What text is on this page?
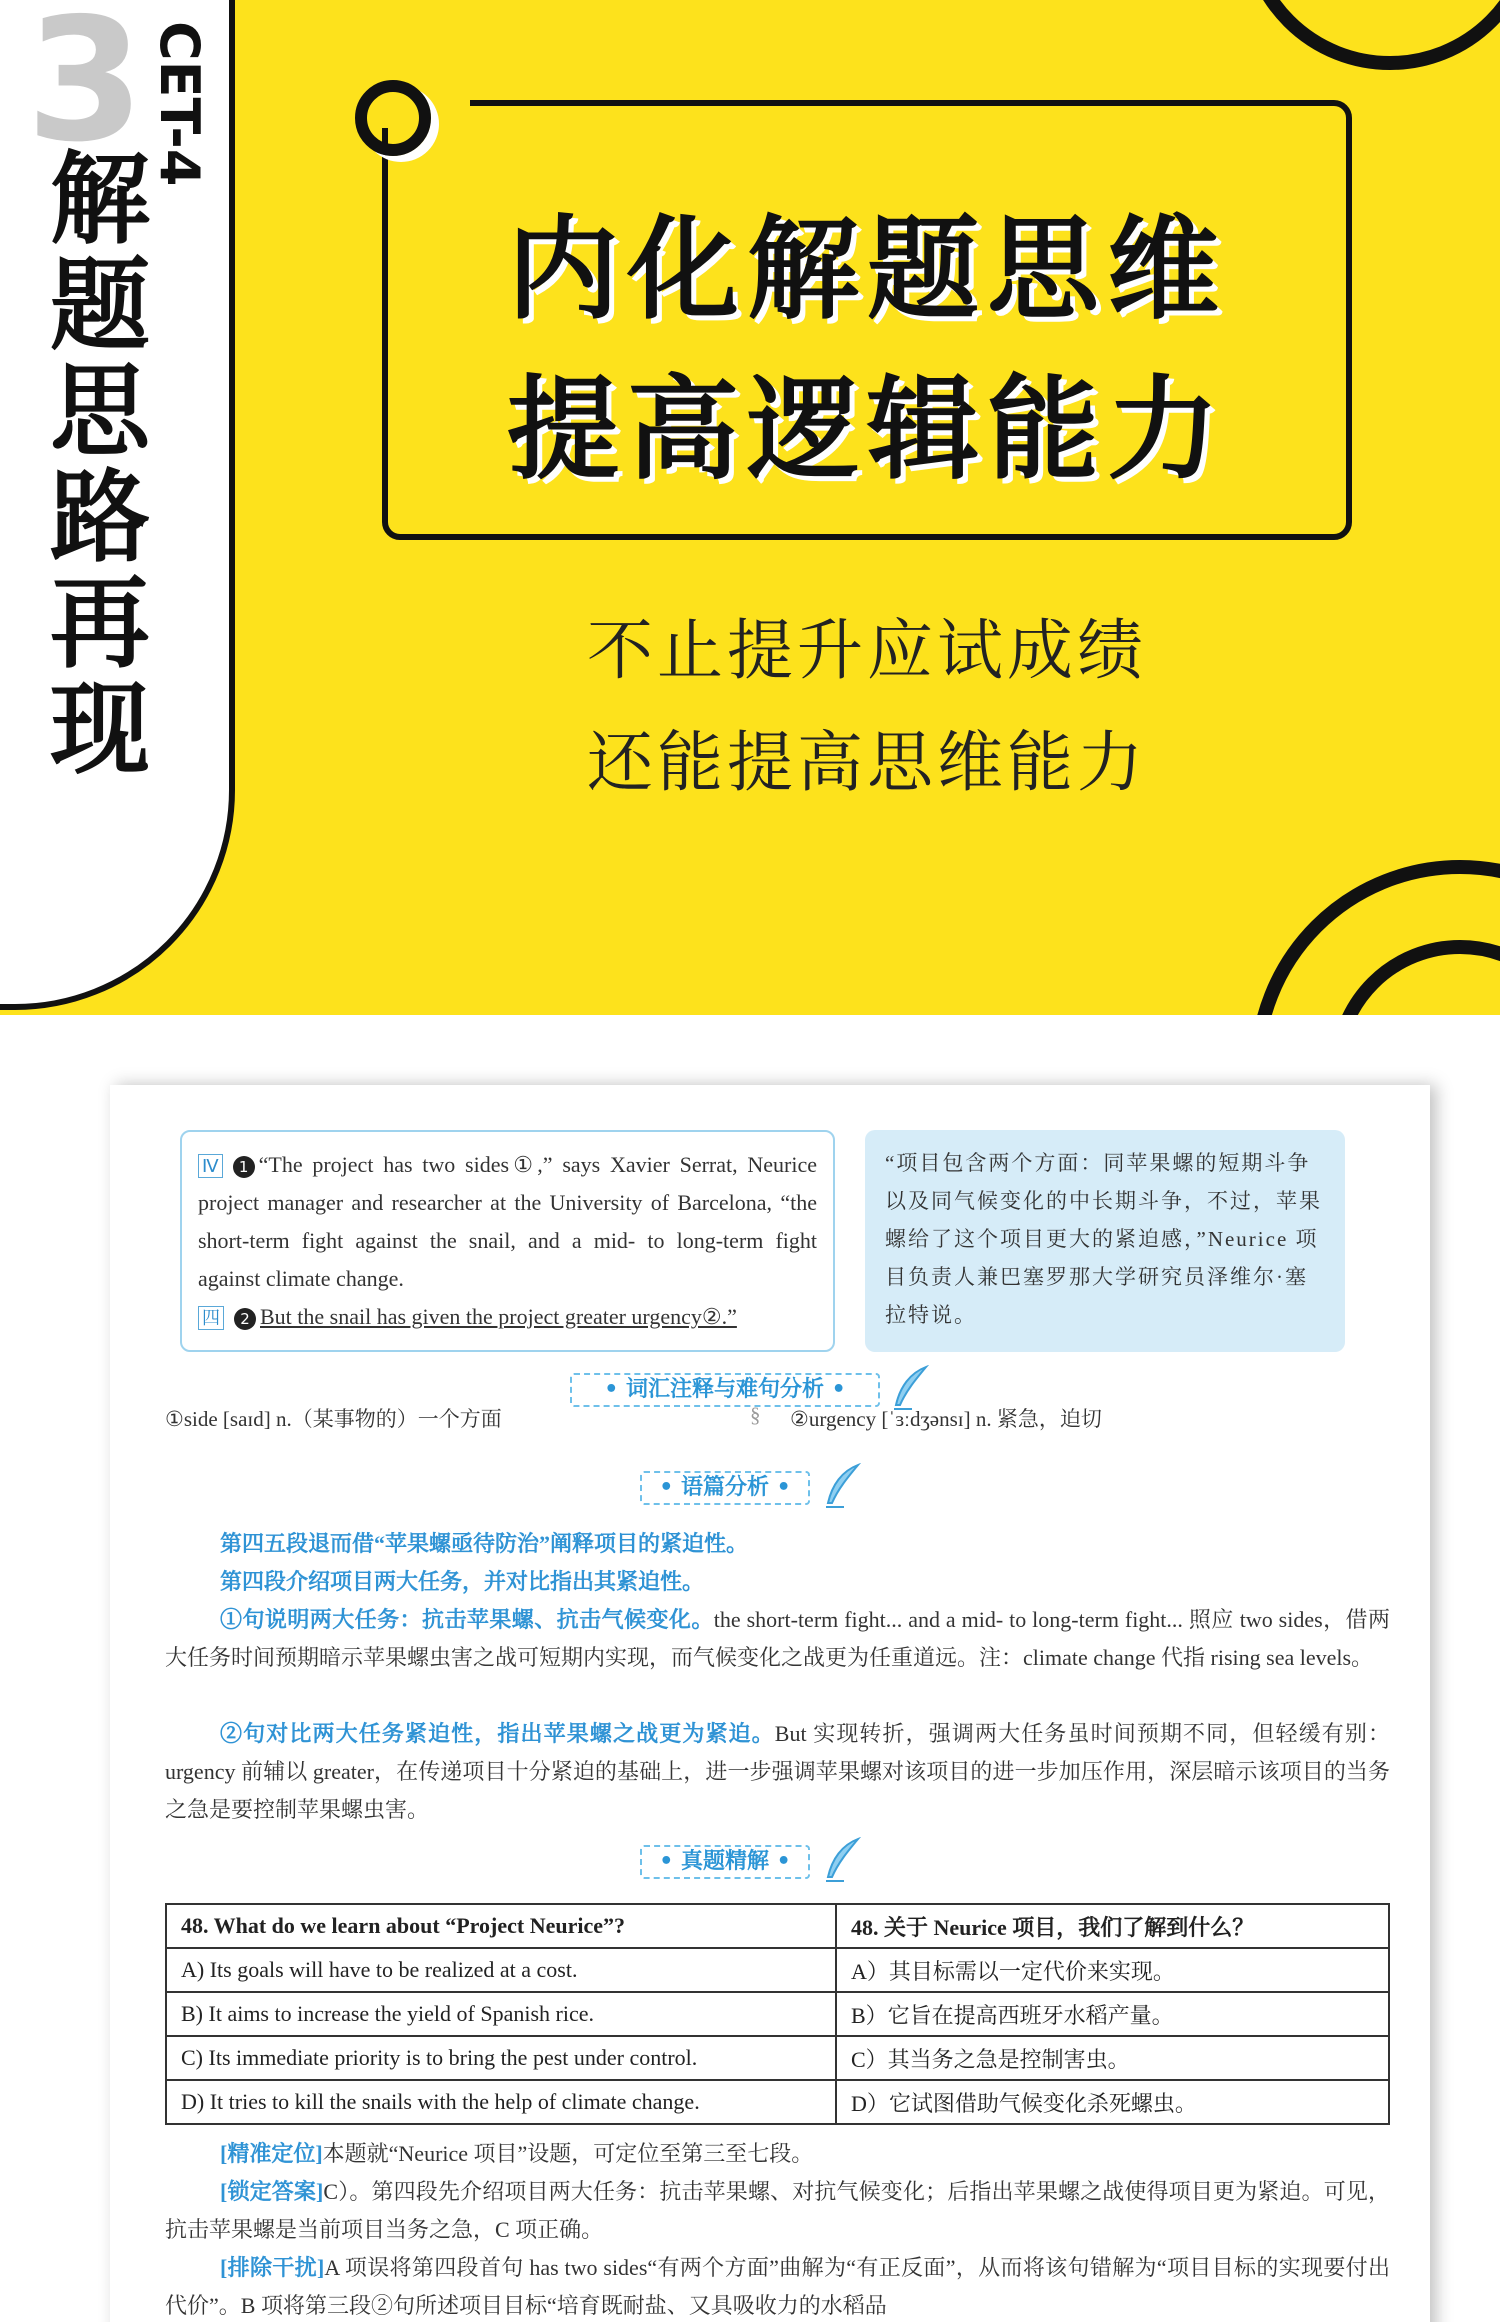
3 CET-4
解题思路再现	内化解题思维
提高逻辑能力
不止提升应试成绩
还能提高思维能力
Ⅳ 1 “The project has two sides①,” says Xavier Serrat, Neurice project manager and researcher at the University of Barcelona, “the short-term fight against the snail, and a mid- to long-term fight against climate change.
四 2 But the snail has given the project greater urgency②.”
“项目包含两个方面：同苹果螺的短期斗争以及同气候变化的中长期斗争，不过，苹果螺给了这个项目更大的紧迫感，”Neurice 项目负责人兼巴塞罗那大学研究员泽维尔·塞拉特说。
• 词汇注释与难句分析 •
①side [saɪd] n.（某事物的）一个方面	§ ②urgency [ˈɜːdʒənsɪ] n. 紧急，迫切
• 语篇分析 •
第四五段退而借“苹果螺亟待防治”阐释项目的紧迫性。
第四段介绍项目两大任务，并对比指出其紧迫性。
①句说明两大任务：抗击苹果螺、抗击气候变化。the short-term fight... and a mid- to long-term fight... 照应 two sides，借两大任务时间预期暗示苹果螺虫害之战可短期内实现，而气候变化之战更为任重道远。注：climate change 代指 rising sea levels。
②句对比两大任务紧迫性，指出苹果螺之战更为紧迫。But 实现转折，强调两大任务虽时间预期不同，但轻缓有别：urgency 前辅以 greater，在传递项目十分紧迫的基础上，进一步强调苹果螺对该项目的进一步加压作用，深层暗示该项目的当务之急是要控制苹果螺虫害。
• 真题精解 •
48. What do we learn about “Project Neurice”?	48. 关于 Neurice 项目，我们了解到什么？
A) Its goals will have to be realized at a cost.	A）其目标需以一定代价来实现。
B) It aims to increase the yield of Spanish rice.	B）它旨在提高西班牙水稻产量。
C) Its immediate priority is to bring the pest under control.	C）其当务之急是控制害虫。
D) It tries to kill the snails with the help of climate change.	D）它试图借助气候变化杀死螺虫。
[精准定位]本题就“Neurice 项目”设题，可定位至第三至七段。
[锁定答案]C）。第四段先介绍项目两大任务：抗击苹果螺、对抗气候变化；后指出苹果螺之战使得项目更为紧迫。可见，抗击苹果螺是当前项目当务之急，C 项正确。
[排除干扰]A 项误将第四段首句 has two sides“有两个方面”曲解为“有正反面”，从而将该句错解为“项目目标的实现要付出代价”。B 项将第三段②句所述项目目标“培育既耐盐、又具吸收力的水稻品
